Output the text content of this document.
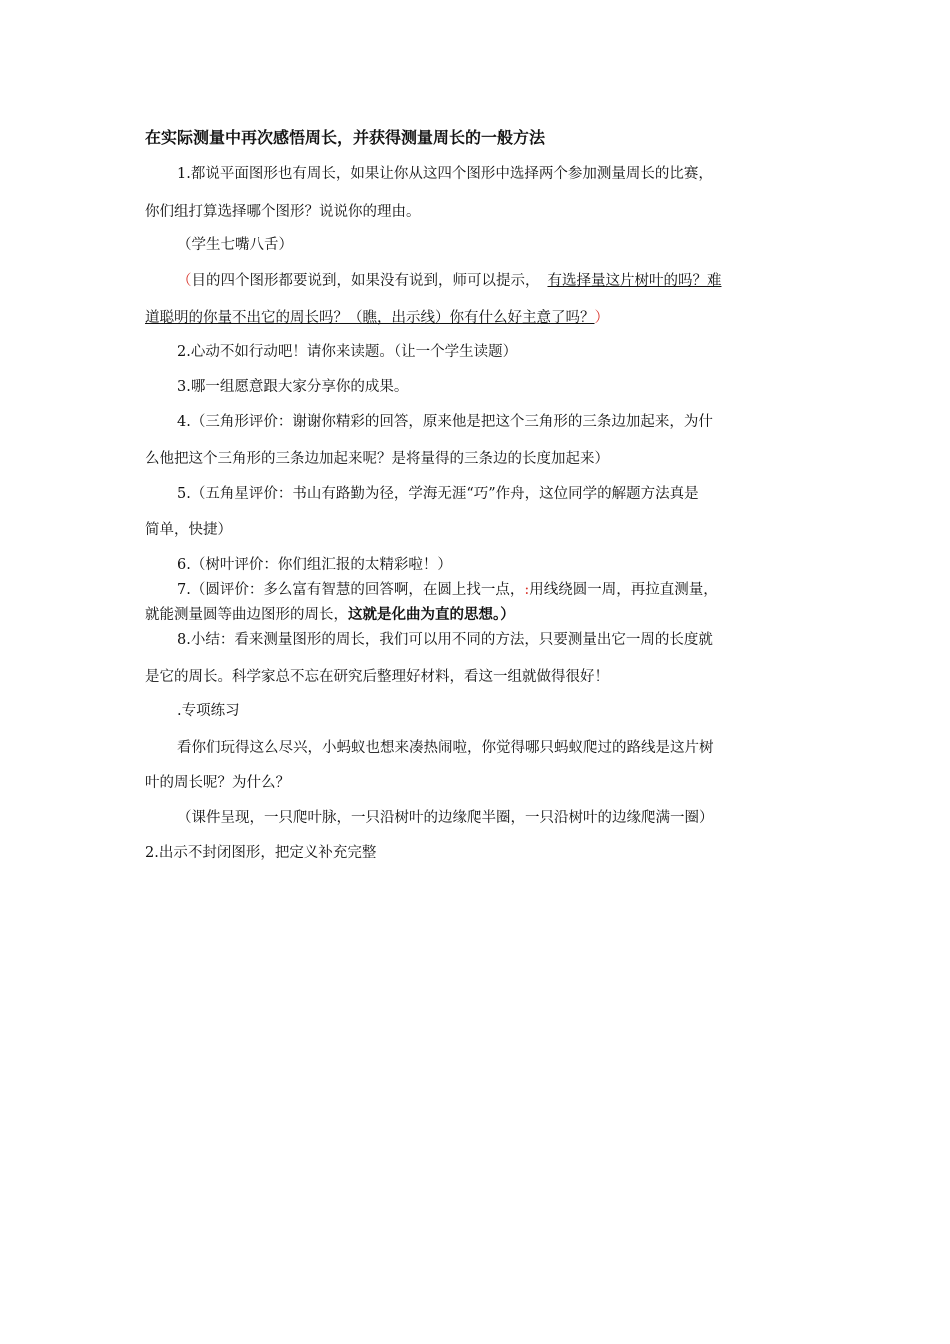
在实际测量中再次感悟周长，并获得测量周长的一般方法
1.都说平面图形也有周长，如果让你从这四个图形中选择两个参加测量周长的比赛，
你们组打算选择哪个图形？说说你的理由。
（学生七嘴八舌）
（目的四个图形都要说到，如果没有说到，师可以提示， 有选择量这片树叶的吗？难
道聪明的你量不出它的周长吗？（瞧，出示线）你有什么好主意了吗？）
2.心动不如行动吧！请你来读题。（让一个学生读题）
3.哪一组愿意跟大家分享你的成果。
4.（三角形评价：谢谢你精彩的回答，原来他是把这个三角形的三条边加起来，为什
么他把这个三角形的三条边加起来呢？是将量得的三条边的长度加起来）
5.（五角星评价：书山有路勤为径，学海无涯“巧”作舟，这位同学的解题方法真是
简单，快捷）
6.（树叶评价：你们组汇报的太精彩啦！）
7.（圆评价：多么富有智慧的回答啊，在圆上找一点，:用线绕圆一周，再拉直测量，
就能测量圆等曲边图形的周长，这就是化曲为直的思想。）
8.小结：看来测量图形的周长，我们可以用不同的方法，只要测量出它一周的长度就
是它的周长。科学家总不忘在研究后整理好材料，看这一组就做得很好！
.专项练习
看你们玩得这么尽兴，小蚂蚁也想来凑热闹啦，你觉得哪只蚂蚁爬过的路线是这片树
叶的周长呢？为什么？
（课件呈现，一只爬叶脉，一只沿树叶的边缘爬半圈，一只沿树叶的边缘爬满一圈）
2.出示不封闭图形，把定义补充完整
